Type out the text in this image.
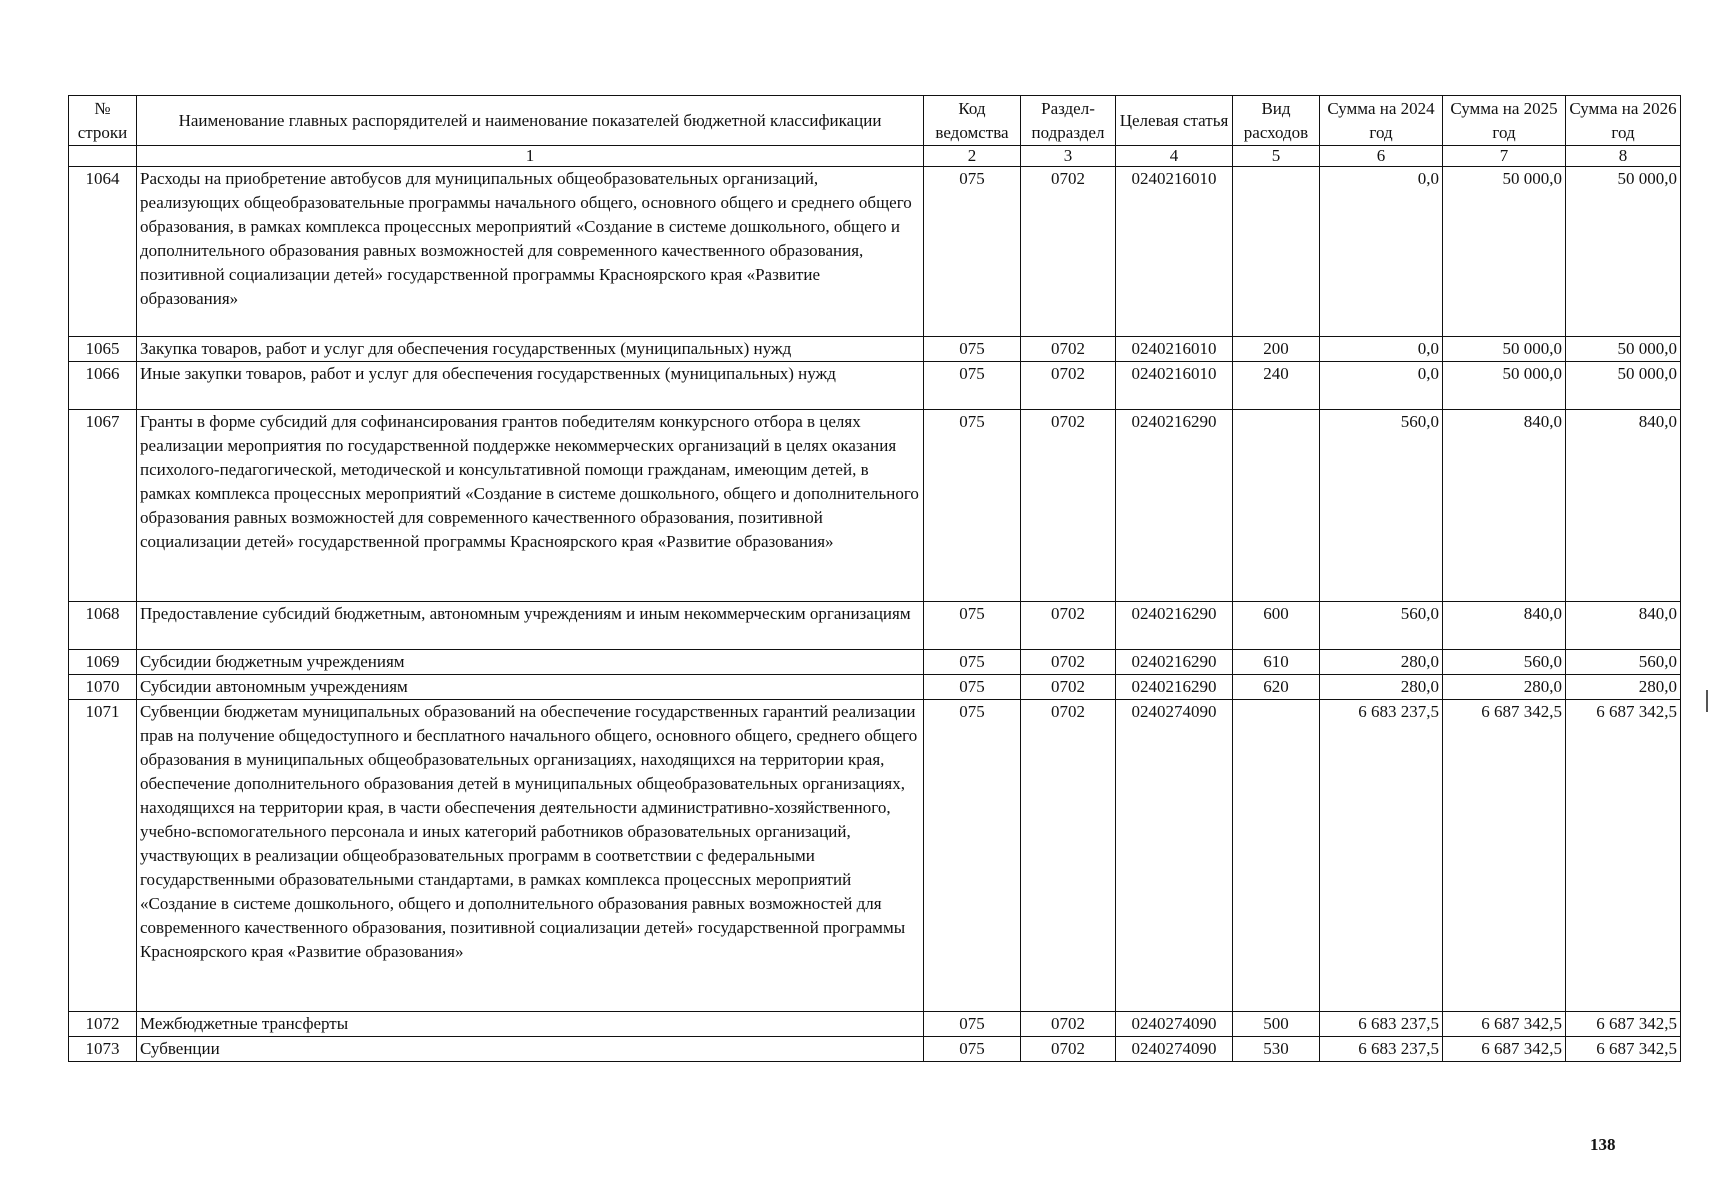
№ строки	Наименование главных распорядителей и наименование показателей бюджетной классификации	Код ведомства	Раздел-подраздел	Целевая статья	Вид расходов	Сумма на 2024 год	Сумма на 2025 год	Сумма на 2026 год
	1	2	3	4	5	6	7	8
1064	Расходы на приобретение автобусов для муниципальных общеобразовательных организаций, реализующих общеобразовательные программы начального общего, основного общего и среднего общего образования, в рамках комплекса процессных мероприятий «Создание в системе дошкольного, общего и дополнительного образования равных возможностей для современного качественного образования, позитивной социализации детей» государственной программы Красноярского края «Развитие образования»	075	0702	0240216010		0,0	50 000,0	50 000,0
1065	Закупка товаров, работ и услуг для обеспечения государственных (муниципальных) нужд	075	0702	0240216010	200	0,0	50 000,0	50 000,0
1066	Иные закупки товаров, работ и услуг для обеспечения государственных (муниципальных) нужд	075	0702	0240216010	240	0,0	50 000,0	50 000,0
1067	Гранты в форме субсидий для софинансирования грантов победителям конкурсного отбора в целях реализации мероприятия по государственной поддержке некоммерческих организаций в целях оказания психолого-педагогической, методической и консультативной помощи гражданам, имеющим детей, в рамках комплекса процессных мероприятий «Создание в системе дошкольного, общего и дополнительного образования равных возможностей для современного качественного образования, позитивной социализации детей» государственной программы Красноярского края «Развитие образования»	075	0702	0240216290		560,0	840,0	840,0
1068	Предоставление субсидий бюджетным, автономным учреждениям и иным некоммерческим организациям	075	0702	0240216290	600	560,0	840,0	840,0
1069	Субсидии бюджетным учреждениям	075	0702	0240216290	610	280,0	560,0	560,0
1070	Субсидии автономным учреждениям	075	0702	0240216290	620	280,0	280,0	280,0
1071	Субвенции бюджетам муниципальных образований на обеспечение государственных гарантий реализации прав на получение общедоступного и бесплатного начального общего, основного общего, среднего общего образования в муниципальных общеобразовательных организациях, находящихся на территории края, обеспечение дополнительного образования детей в муниципальных общеобразовательных организациях, находящихся на территории края, в части обеспечения деятельности административно-хозяйственного, учебно-вспомогательного персонала и иных категорий работников образовательных организаций, участвующих в реализации общеобразовательных программ в соответствии с федеральными государственными образовательными стандартами, в рамках комплекса процессных мероприятий «Создание в системе дошкольного, общего и дополнительного образования равных возможностей для современного качественного образования, позитивной социализации детей» государственной программы Красноярского края «Развитие образования»	075	0702	0240274090		6 683 237,5	6 687 342,5	6 687 342,5
1072	Межбюджетные трансферты	075	0702	0240274090	500	6 683 237,5	6 687 342,5	6 687 342,5
1073	Субвенции	075	0702	0240274090	530	6 683 237,5	6 687 342,5	6 687 342,5
138
